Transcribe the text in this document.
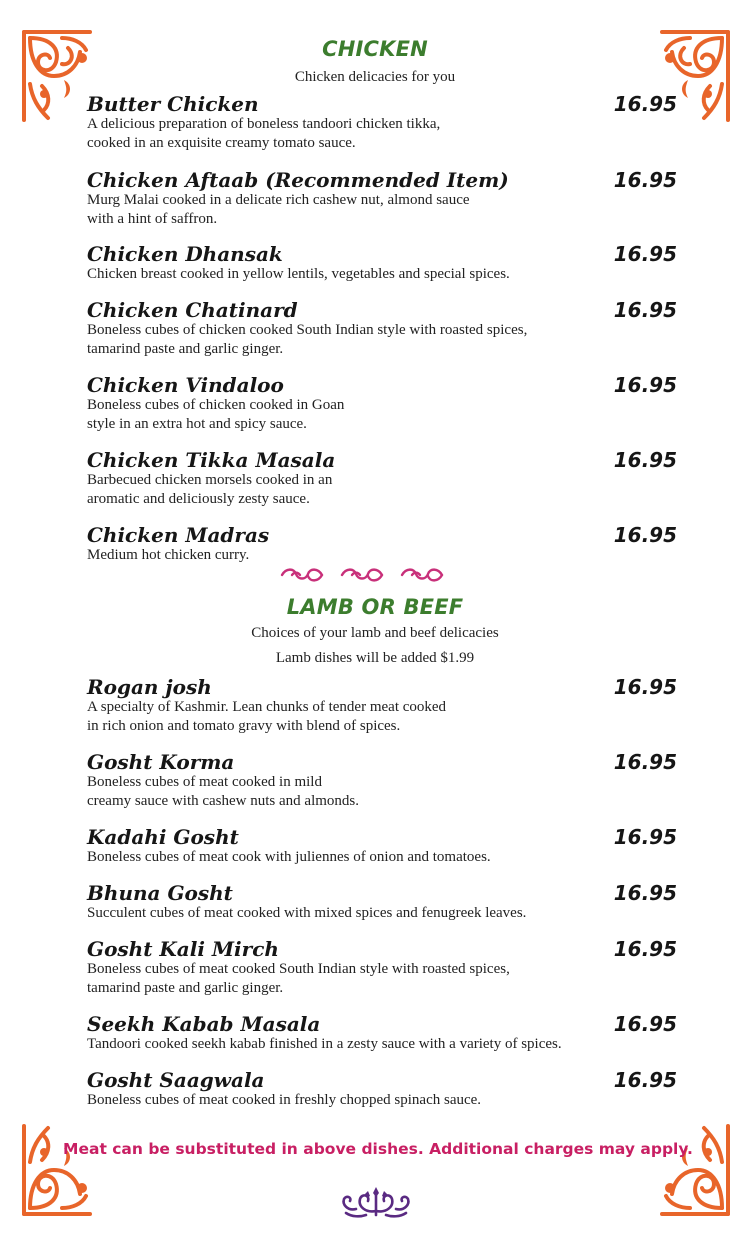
CHICKEN
Chicken delicacies for you
Butter Chicken	16.95
A delicious preparation of boneless tandoori chicken tikka,
cooked in an exquisite creamy tomato sauce.
Chicken Aftaab (Recommended Item)	16.95
Murg Malai cooked in a delicate rich cashew nut, almond sauce
with a hint of saffron.
Chicken Dhansak	16.95
Chicken breast cooked in yellow lentils, vegetables and special spices.
Chicken Chatinard	16.95
Boneless cubes of chicken cooked South Indian style with roasted spices,
tamarind paste and garlic ginger.
Chicken Vindaloo	16.95
Boneless cubes of chicken cooked in Goan
style in an extra hot and spicy sauce.
Chicken Tikka Masala	16.95
Barbecued chicken morsels cooked in an
aromatic and deliciously zesty sauce.
Chicken Madras	16.95
Medium hot chicken curry.
LAMB OR BEEF
Choices of your lamb and beef delicacies
Lamb dishes will be added $1.99
Rogan josh	16.95
A specialty of Kashmir. Lean chunks of tender meat cooked
in rich onion and tomato gravy with blend of spices.
Gosht Korma	16.95
Boneless cubes of meat cooked in mild
creamy sauce with cashew nuts and almonds.
Kadahi Gosht	16.95
Boneless cubes of meat cook with juliennes of onion and tomatoes.
Bhuna Gosht	16.95
Succulent cubes of meat cooked with mixed spices and fenugreek leaves.
Gosht Kali Mirch	16.95
Boneless cubes of meat cooked South Indian style with roasted spices,
tamarind paste and garlic ginger.
Seekh Kabab Masala	16.95
Tandoori cooked seekh kabab finished in a zesty sauce with a variety of spices.
Gosht Saagwala	16.95
Boneless cubes of meat cooked in freshly chopped spinach sauce.
Meat can be substituted in above dishes. Additional charges may apply.
